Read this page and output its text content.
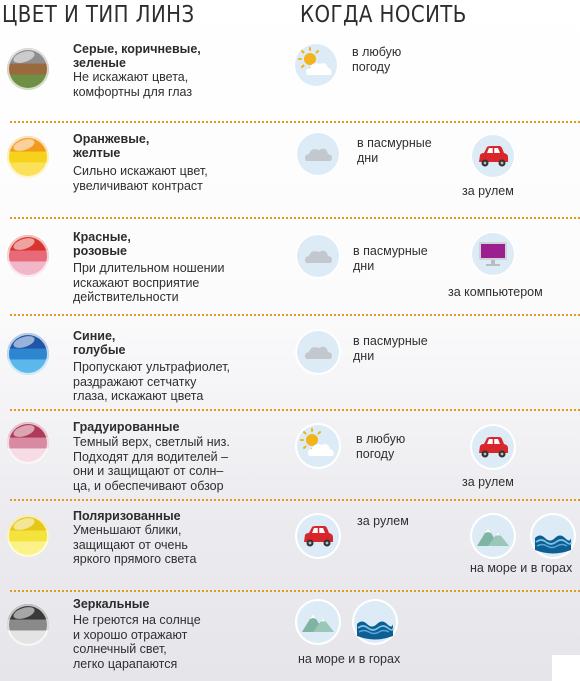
ЦВЕТ И ТИП ЛИНЗ	КОГДА НОСИТЬ
Серые, коричневые,
зеленые
Не искажают цвета,
комфортны для глаз
в любую
погоду
Оранжевые,
желтые
Сильно искажают цвет,
увеличивают контраст
в пасмурные
дни
за рулем
Красные,
розовые
При длительном ношении
искажают восприятие
действительности
в пасмурные
дни
за компьютером
Синие,
голубые
Пропускают ультрафиолет,
раздражают сетчатку
глаза, искажают цвета
в пасмурные
дни
Градуированные
Темный верх, светлый низ.
Подходят для водителей –
они и защищают от солн–
ца, и обеспечивают обзор
в любую
погоду
за рулем
Поляризованные
Уменьшают блики,
защищают от очень
яркого прямого света
за рулем
на море и в горах
Зеркальные
Не греются на солнце
и хорошо отражают
солнечный свет,
легко царапаются	на море и в горах
